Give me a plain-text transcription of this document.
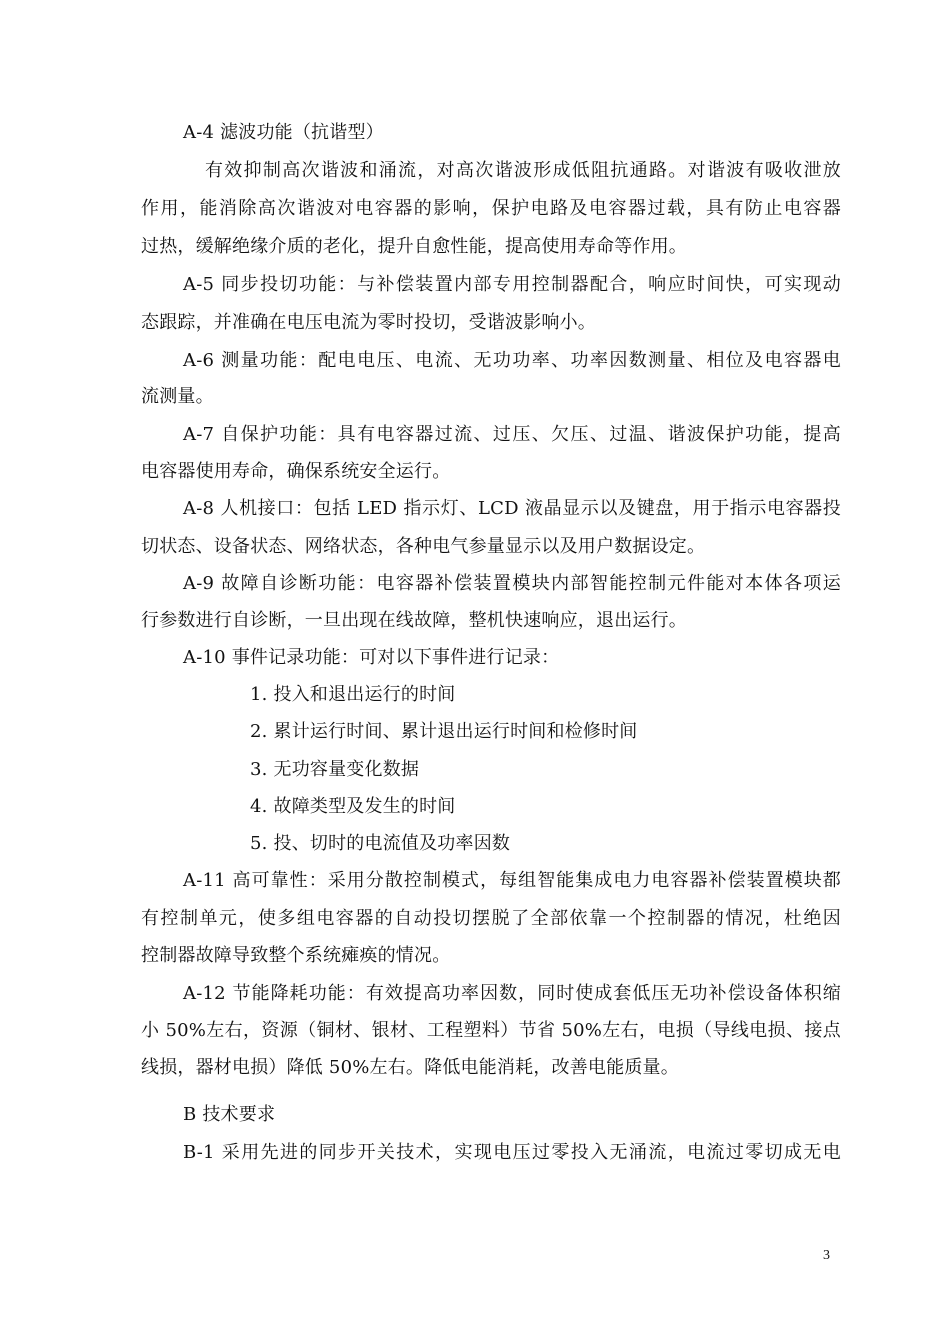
A-4 滤波功能（抗谐型）
有效抑制高次谐波和涌流，对高次谐波形成低阻抗通路。对谐波有吸收泄放
作用，能消除高次谐波对电容器的影响，保护电路及电容器过载，具有防止电容器
过热，缓解绝缘介质的老化，提升自愈性能，提高使用寿命等作用。
A-5 同步投切功能：与补偿装置内部专用控制器配合，响应时间快，可实现动
态跟踪，并准确在电压电流为零时投切，受谐波影响小。
A-6 测量功能：配电电压、电流、无功功率、功率因数测量、相位及电容器电
流测量。
A-7 自保护功能：具有电容器过流、过压、欠压、过温、谐波保护功能，提高
电容器使用寿命，确保系统安全运行。
A-8 人机接口：包括 LED 指示灯、LCD 液晶显示以及键盘，用于指示电容器投
切状态、设备状态、网络状态，各种电气参量显示以及用户数据设定。
A-9 故障自诊断功能：电容器补偿装置模块内部智能控制元件能对本体各项运
行参数进行自诊断，一旦出现在线故障，整机快速响应，退出运行。
A-10 事件记录功能：可对以下事件进行记录：
1. 投入和退出运行的时间
2. 累计运行时间、累计退出运行时间和检修时间
3. 无功容量变化数据
4. 故障类型及发生的时间
5. 投、切时的电流值及功率因数
A-11 高可靠性：采用分散控制模式，每组智能集成电力电容器补偿装置模块都
有控制单元，使多组电容器的自动投切摆脱了全部依靠一个控制器的情况，杜绝因
控制器故障导致整个系统瘫痪的情况。
A-12 节能降耗功能：有效提高功率因数，同时使成套低压无功补偿设备体积缩
小 50%左右，资源（铜材、银材、工程塑料）节省 50%左右，电损（导线电损、接点
线损，器材电损）降低 50%左右。降低电能消耗，改善电能质量。
B 技术要求
B-1 采用先进的同步开关技术，实现电压过零投入无涌流，电流过零切成无电
3
